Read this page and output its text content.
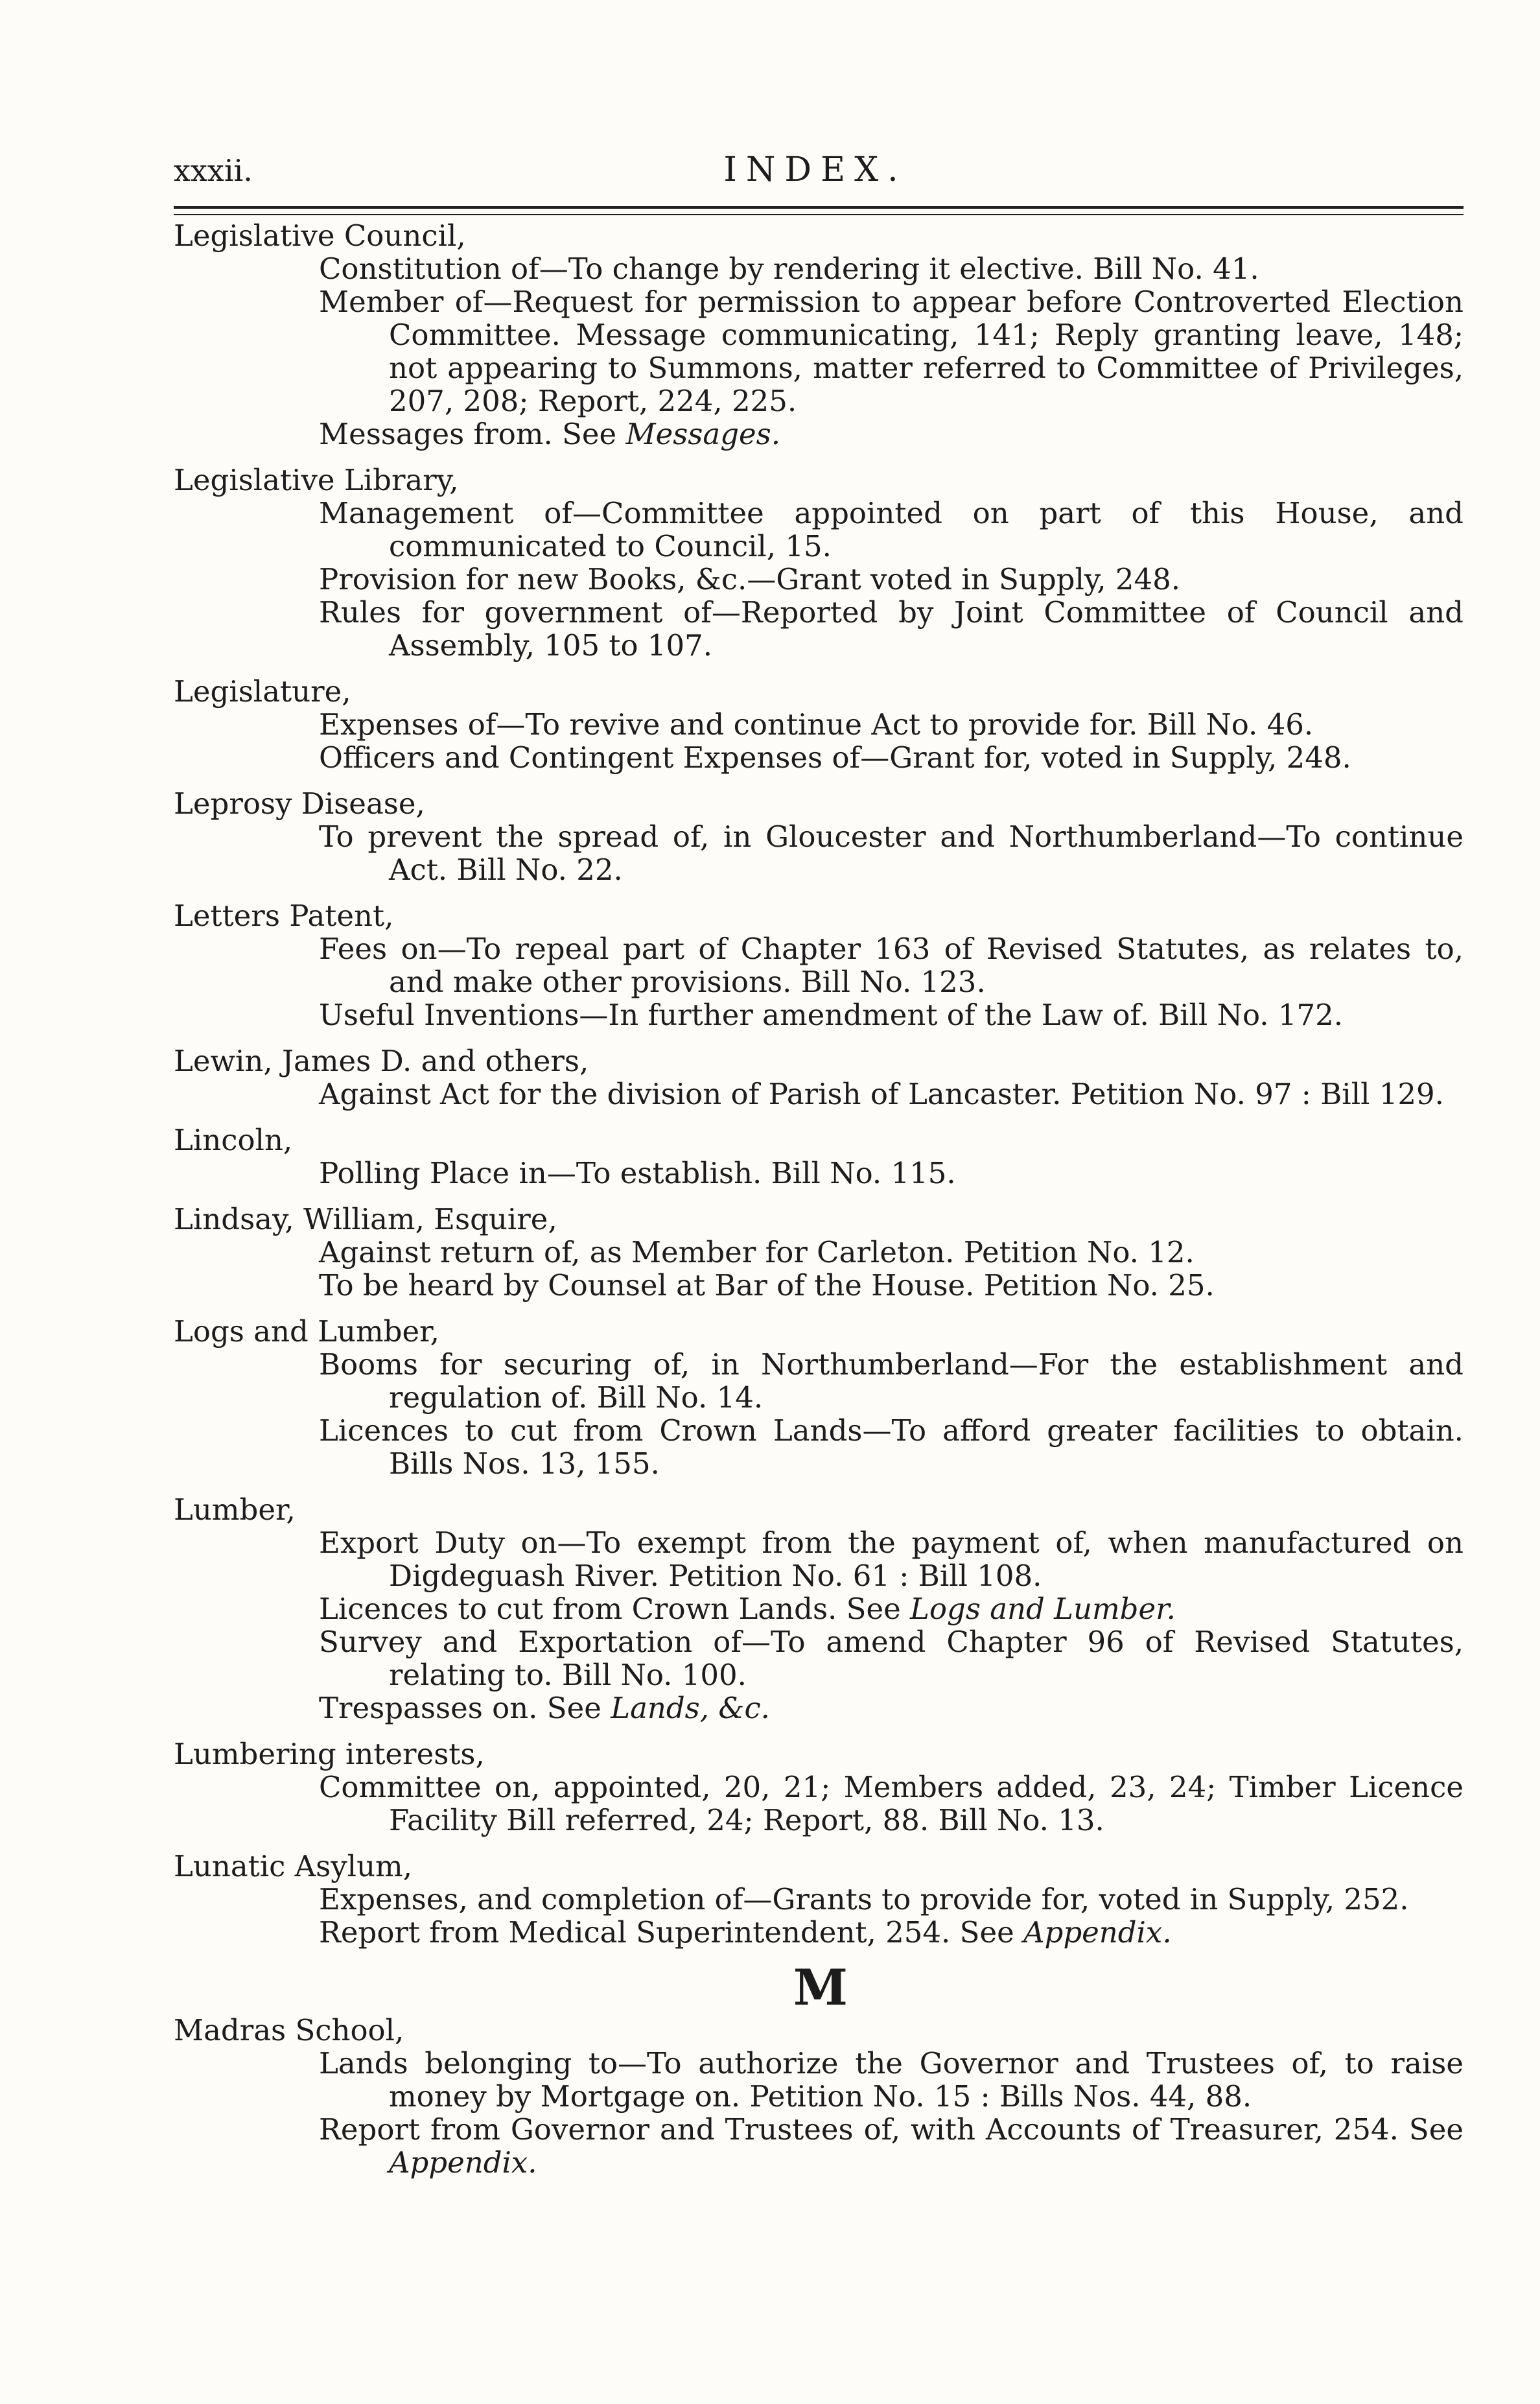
xxxii.	INDEX.
Legislative Council,
Constitution of—To change by rendering it elective. Bill No. 41.
Member of—Request for permission to appear before Controverted Election Committee. Message communicating, 141; Reply granting leave, 148; not appearing to Summons, matter referred to Committee of Privileges, 207, 208; Report, 224, 225.
Messages from. See Messages.
Legislative Library,
Management of—Committee appointed on part of this House, and communicated to Council, 15.
Provision for new Books, &c.—Grant voted in Supply, 248.
Rules for government of—Reported by Joint Committee of Council and Assembly, 105 to 107.
Legislature,
Expenses of—To revive and continue Act to provide for. Bill No. 46.
Officers and Contingent Expenses of—Grant for, voted in Supply, 248.
Leprosy Disease,
To prevent the spread of, in Gloucester and Northumberland—To continue Act. Bill No. 22.
Letters Patent,
Fees on—To repeal part of Chapter 163 of Revised Statutes, as relates to, and make other provisions. Bill No. 123.
Useful Inventions—In further amendment of the Law of. Bill No. 172.
Lewin, James D. and others,
Against Act for the division of Parish of Lancaster. Petition No. 97 : Bill 129.
Lincoln,
Polling Place in—To establish. Bill No. 115.
Lindsay, William, Esquire,
Against return of, as Member for Carleton. Petition No. 12.
To be heard by Counsel at Bar of the House. Petition No. 25.
Logs and Lumber,
Booms for securing of, in Northumberland—For the establishment and regulation of. Bill No. 14.
Licences to cut from Crown Lands—To afford greater facilities to obtain. Bills Nos. 13, 155.
Lumber,
Export Duty on—To exempt from the payment of, when manufactured on Digdeguash River. Petition No. 61 : Bill 108.
Licences to cut from Crown Lands. See Logs and Lumber.
Survey and Exportation of—To amend Chapter 96 of Revised Statutes, relating to. Bill No. 100.
Trespasses on. See Lands, &c.
Lumbering interests,
Committee on, appointed, 20, 21; Members added, 23, 24; Timber Licence Facility Bill referred, 24; Report, 88. Bill No. 13.
Lunatic Asylum,
Expenses, and completion of—Grants to provide for, voted in Supply, 252.
Report from Medical Superintendent, 254. See Appendix.
M
Madras School,
Lands belonging to—To authorize the Governor and Trustees of, to raise money by Mortgage on. Petition No. 15 : Bills Nos. 44, 88.
Report from Governor and Trustees of, with Accounts of Treasurer, 254. See Appendix.
